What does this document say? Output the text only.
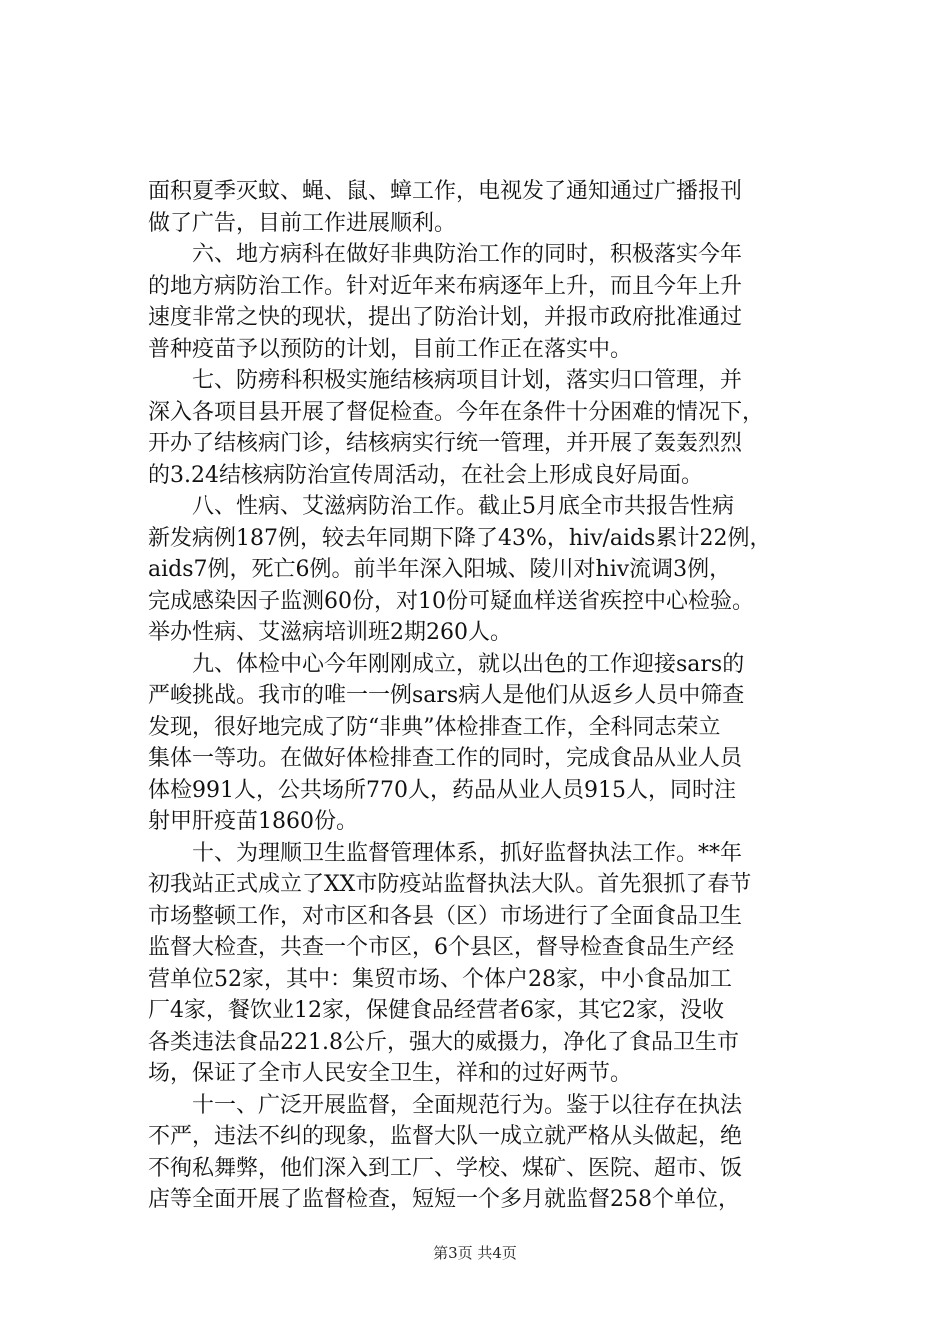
面积夏季灭蚊、蝇、鼠、蟑工作，电视发了通知通过广播报刊
做了广告，目前工作进展顺利。
六、地方病科在做好非典防治工作的同时，积极落实今年
的地方病防治工作。针对近年来布病逐年上升，而且今年上升
速度非常之快的现状，提出了防治计划，并报市政府批准通过
普种疫苗予以预防的计划，目前工作正在落实中。
七、防痨科积极实施结核病项目计划，落实归口管理，并
深入各项目县开展了督促检查。今年在条件十分困难的情况下，
开办了结核病门诊，结核病实行统一管理，并开展了轰轰烈烈
的3.24结核病防治宣传周活动，在社会上形成良好局面。
八、性病、艾滋病防治工作。截止5月底全市共报告性病
新发病例187例，较去年同期下降了43%，hiv/aids累计22例，
aids7例，死亡6例。前半年深入阳城、陵川对hiv流调3例，
完成感染因子监测60份，对10份可疑血样送省疾控中心检验。
举办性病、艾滋病培训班2期260人。
九、体检中心今年刚刚成立，就以出色的工作迎接sars的
严峻挑战。我市的唯一一例sars病人是他们从返乡人员中筛查
发现，很好地完成了防“非典”体检排查工作，全科同志荣立
集体一等功。在做好体检排查工作的同时，完成食品从业人员
体检991人，公共场所770人，药品从业人员915人，同时注
射甲肝疫苗1860份。
十、为理顺卫生监督管理体系，抓好监督执法工作。**年
初我站正式成立了XX市防疫站监督执法大队。首先狠抓了春节
市场整顿工作，对市区和各县（区）市场进行了全面食品卫生
监督大检查，共查一个市区，6个县区，督导检查食品生产经
营单位52家，其中：集贸市场、个体户28家，中小食品加工
厂4家，餐饮业12家，保健食品经营者6家，其它2家，没收
各类违法食品221.8公斤，强大的威摄力，净化了食品卫生市
场，保证了全市人民安全卫生，祥和的过好两节。
十一、广泛开展监督，全面规范行为。鉴于以往存在执法
不严，违法不纠的现象，监督大队一成立就严格从头做起，绝
不徇私舞弊，他们深入到工厂、学校、煤矿、医院、超市、饭
店等全面开展了监督检查，短短一个多月就监督258个单位，
第3页 共4页
